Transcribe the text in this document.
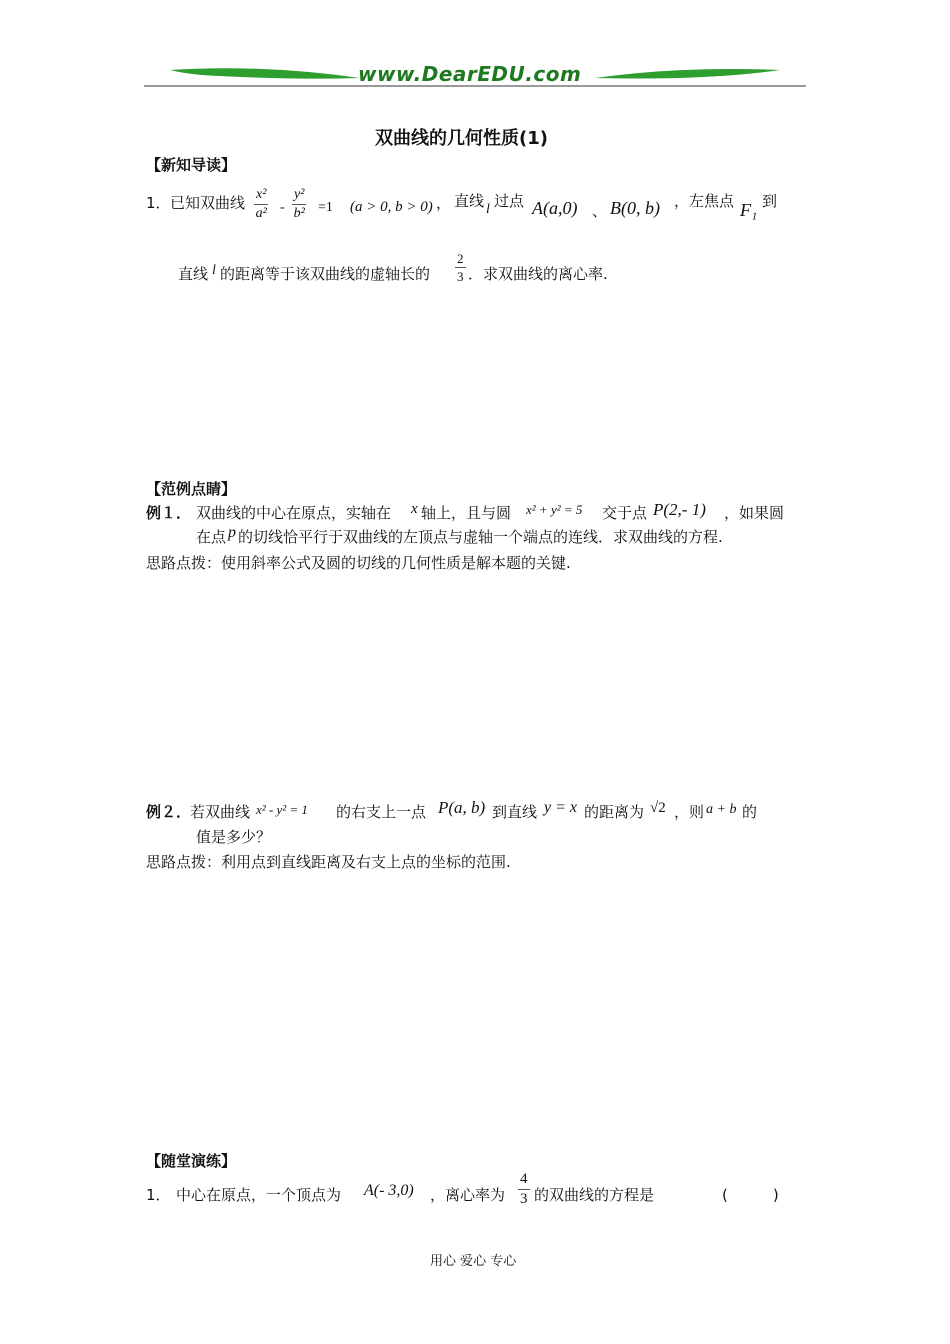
www.DearEDU.com
双曲线的几何性质(1)
【新知导读】
1． 已知双曲线 x²
a² -
y²
b² =1 (a > 0, b > 0) ， 直线 l 过点 A(a,0) 、 B(0, b) ，左焦点 F₁ 到
直线 l 的距离等于该双曲线的虚轴长的
2
3 ．求双曲线的离心率.
【范例点睛】
例１． 双曲线的中心在原点，实轴在 x 轴上，且与圆 x² + y² = 5 交于点 P(2,- 1) ，如果圆
在点 p 的切线恰平行于双曲线的左顶点与虚轴一个端点的连线．求双曲线的方程.
思路点拨：使用斜率公式及圆的切线的几何性质是解本题的关键.
例２．
若双曲线 x² - y² = 1 的右支上一点 P(a, b) 到直线 y = x 的距离为 √2 ，则 a + b 的
值是多少？
思路点拨：利用点到直线距离及右支上点的坐标的范围.
【随堂演练】
1． 中心在原点，一个顶点为 A(- 3,0) ，离心率为
4
3 的双曲线的方程是	(　　　)
用心 爱心 专心
